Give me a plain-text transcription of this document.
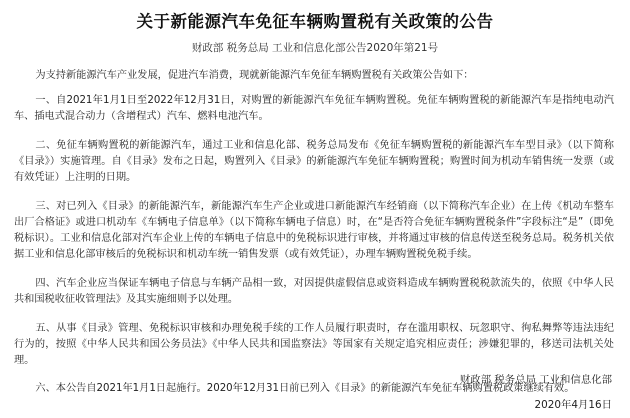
关于新能源汽车免征车辆购置税有关政策的公告
财政部 税务总局 工业和信息化部公告2020年第21号

为支持新能源汽车产业发展，促进汽车消费，现就新能源汽车免征车辆购置税有关政策公告如下：

一、自2021年1月1日至2022年12月31日，对购置的新能源汽车免征车辆购置税。免征车辆购置税的新能源汽车是指纯电动汽车、插电式混合动力（含增程式）汽车、燃料电池汽车。

二、免征车辆购置税的新能源汽车，通过工业和信息化部、税务总局发布《免征车辆购置税的新能源汽车车型目录》（以下简称《目录》）实施管理。自《目录》发布之日起，购置列入《目录》的新能源汽车免征车辆购置税；购置时间为机动车销售统一发票（或有效凭证）上注明的日期。

三、对已列入《目录》的新能源汽车，新能源汽车生产企业或进口新能源汽车经销商（以下简称汽车企业）在上传《机动车整车出厂合格证》或进口机动车《车辆电子信息单》（以下简称车辆电子信息）时，在“是否符合免征车辆购置税条件”字段标注“是”（即免税标识）。工业和信息化部对汽车企业上传的车辆电子信息中的免税标识进行审核，并将通过审核的信息传送至税务总局。税务机关依据工业和信息化部审核后的免税标识和机动车统一销售发票（或有效凭证），办理车辆购置税免税手续。

四、汽车企业应当保证车辆电子信息与车辆产品相一致，对因提供虚假信息或资料造成车辆购置税税款流失的，依照《中华人民共和国税收征收管理法》及其实施细则予以处理。

五、从事《目录》管理、免税标识审核和办理免税手续的工作人员履行职责时，存在滥用职权、玩忽职守、徇私舞弊等违法违纪行为的，按照《中华人民共和国公务员法》《中华人民共和国监察法》等国家有关规定追究相应责任；涉嫌犯罪的，移送司法机关处理。

六、本公告自2021年1月1日起施行。2020年12月31日前已列入《目录》的新能源汽车免征车辆购置税政策继续有效。

财政部 税务总局 工业和信息化部
2020年4月16日
